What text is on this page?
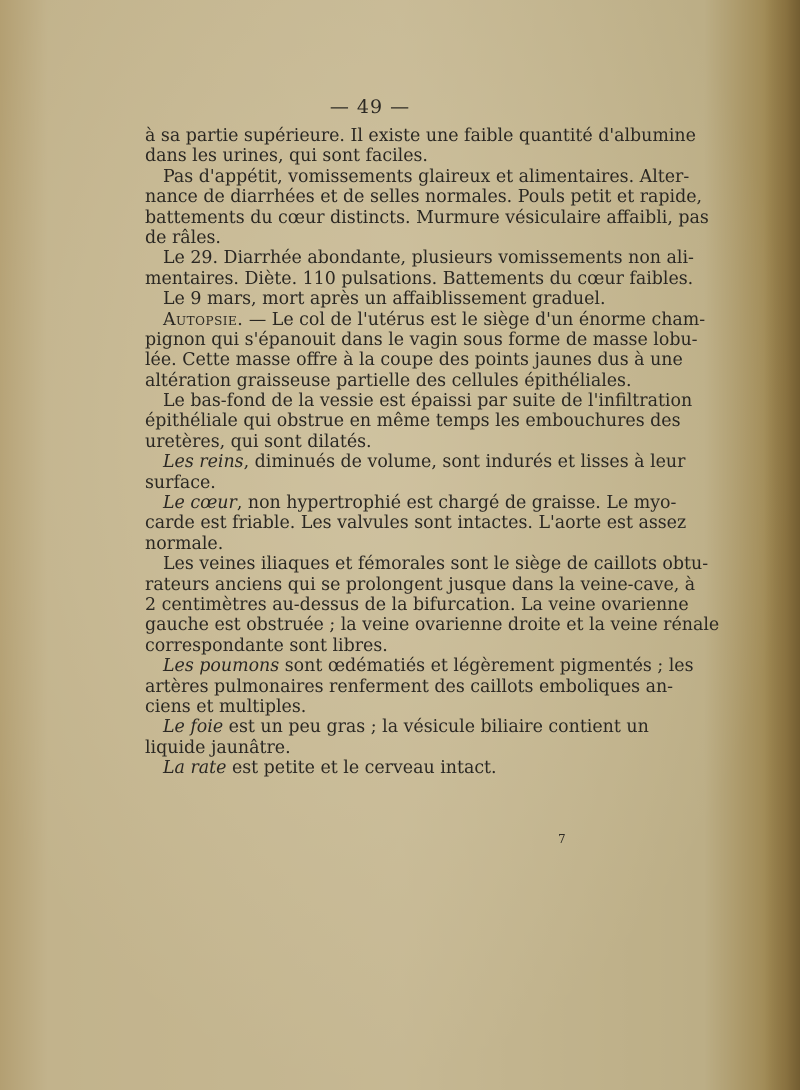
— 49 —
à sa partie supérieure. Il existe une faible quantité d'albumine
dans les urines, qui sont faciles.
Pas d'appétit, vomissements glaireux et alimentaires. Alter-
nance de diarrhées et de selles normales. Pouls petit et rapide,
battements du cœur distincts. Murmure vésiculaire affaibli, pas
de râles.
Le 29. Diarrhée abondante, plusieurs vomissements non ali-
mentaires. Diète. 110 pulsations. Battements du cœur faibles.
Le 9 mars, mort après un affaiblissement graduel.
Autopsie. — Le col de l'utérus est le siège d'un énorme cham-
pignon qui s'épanouit dans le vagin sous forme de masse lobu-
lée. Cette masse offre à la coupe des points jaunes dus à une
altération graisseuse partielle des cellules épithéliales.
Le bas-fond de la vessie est épaissi par suite de l'infiltration
épithéliale qui obstrue en même temps les embouchures des
uretères, qui sont dilatés.
Les reins, diminués de volume, sont indurés et lisses à leur
surface.
Le cœur, non hypertrophié est chargé de graisse. Le myo-
carde est friable. Les valvules sont intactes. L'aorte est assez
normale.
Les veines iliaques et fémorales sont le siège de caillots obtu-
rateurs anciens qui se prolongent jusque dans la veine-cave, à
2 centimètres au-dessus de la bifurcation. La veine ovarienne
gauche est obstruée ; la veine ovarienne droite et la veine rénale
correspondante sont libres.
Les poumons sont œdématiés et légèrement pigmentés ; les
artères pulmonaires renferment des caillots emboliques an-
ciens et multiples.
Le foie est un peu gras ; la vésicule biliaire contient un
liquide jaunâtre.
La rate est petite et le cerveau intact.
7
